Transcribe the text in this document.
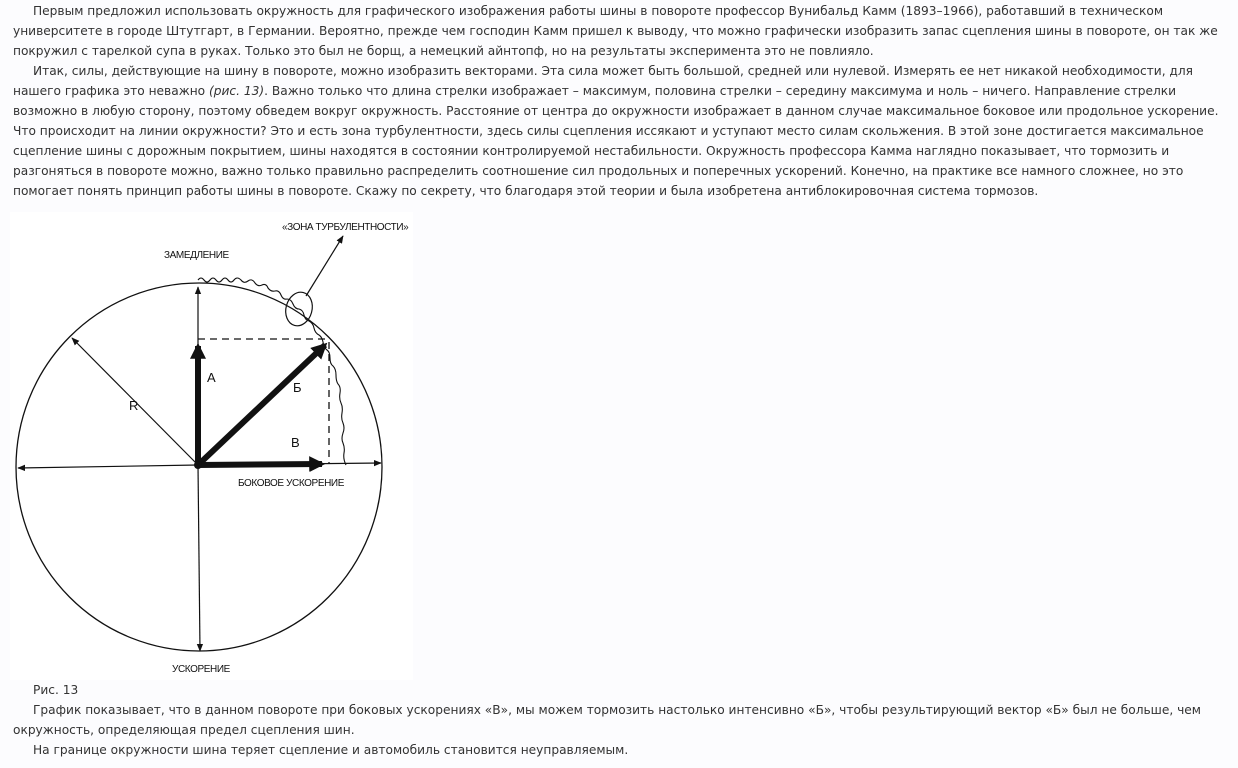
Первым предложил использовать окружность для графического изображения работы шины в повороте профессор Вунибальд Камм (1893–1966), работавший в техническом университете в городе Штутгарт, в Германии. Вероятно, прежде чем господин Камм пришел к выводу, что можно графически изобразить запас сцепления шины в повороте, он так же покружил с тарелкой супа в руках. Только это был не борщ, а немецкий айнтопф, но на результаты эксперимента это не повлияло.

Итак, силы, действующие на шину в повороте, можно изобразить векторами. Эта сила может быть большой, средней или нулевой. Измерять ее нет никакой необходимости, для нашего графика это неважно (рис. 13). Важно только что длина стрелки изображает – максимум, половина стрелки – середину максимума и ноль – ничего. Направление стрелки возможно в любую сторону, поэтому обведем вокруг окружность. Расстояние от центра до окружности изображает в данном случае максимальное боковое или продольное ускорение. Что происходит на линии окружности? Это и есть зона турбулентности, здесь силы сцепления иссякают и уступают место силам скольжения. В этой зоне достигается максимальное сцепление шины с дорожным покрытием, шины находятся в состоянии контролируемой нестабильности. Окружность профессора Камма наглядно показывает, что тормозить и разгоняться в повороте можно, важно только правильно распределить соотношение сил продольных и поперечных ускорений. Конечно, на практике все намного сложнее, но это помогает понять принцип работы шины в повороте. Скажу по секрету, что благодаря этой теории и была изобретена антиблокировочная система тормозов.

ЗАМЕДЛЕНИЕ
«ЗОНА ТУРБУЛЕНТНОСТИ»
БОКОВОЕ УСКОРЕНИЕ
УСКОРЕНИЕ
R
А
Б
В

Рис. 13

График показывает, что в данном повороте при боковых ускорениях «В», мы можем тормозить настолько интенсивно «Б», чтобы результирующий вектор «Б» был не больше, чем окружность, определяющая предел сцепления шин.

На границе окружности шина теряет сцепление и автомобиль становится неуправляемым.
